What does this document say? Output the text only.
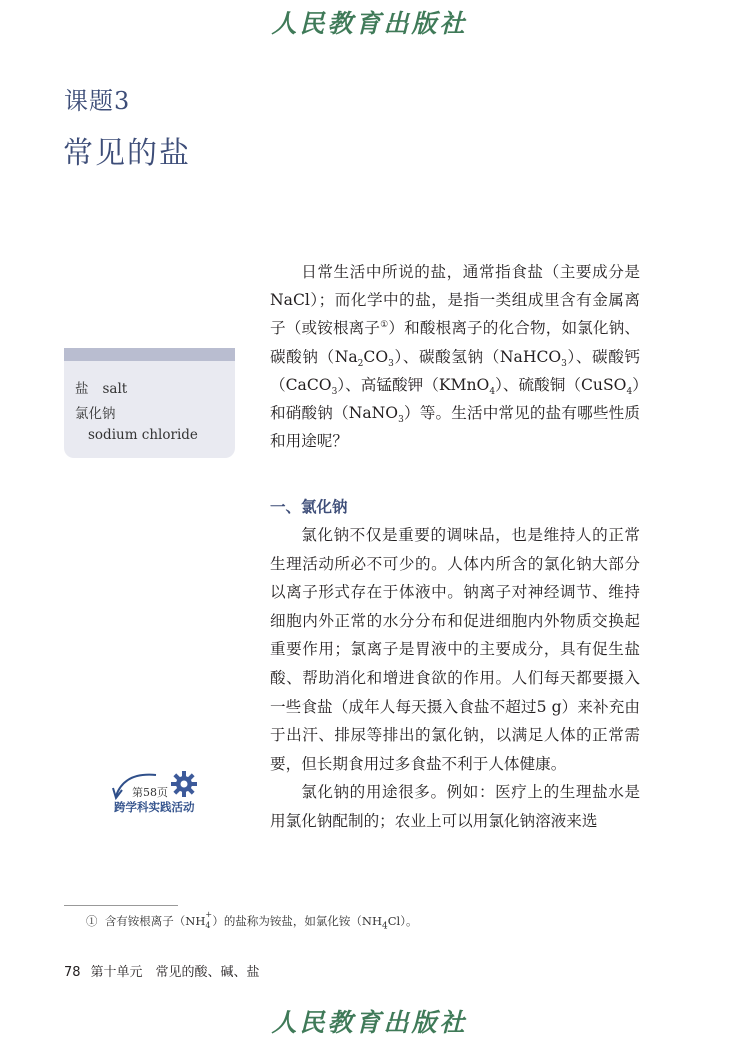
人民教育出版社
课题3
常见的盐
盐 salt
氯化钠
sodium chloride

日常生活中所说的盐，通常指食盐（主要成分是NaCl）；而化学中的盐，是指一类组成里含有金属离子（或铵根离子①）和酸根离子的化合物，如氯化钠、碳酸钠$(Na_2CO_3)$、碳酸氢钠（NaHCO$_3$）、碳酸钙（CaCO$_3$）、高锰酸钾（KMnO$_4$）、硫酸铜（CuSO$_4$）和硝酸钠（NaNO$_3$）等。生活中常见的盐有哪些性质和用途呢？

一、氯化钠

氯化钠不仅是重要的调味品，也是维持人的正常生理活动所必不可少的。人体内所含的氯化钠大部分以离子形式存在于体液中。钠离子对神经调节、维持细胞内外正常的水分分布和促进细胞内外物质交换起重要作用；氯离子是胃液中的主要成分，具有促生盐酸、帮助消化和增进食欲的作用。人们每天都要摄入一些食盐（成年人每天摄入食盐不超过5 g）来补充由于出汗、排尿等排出的氯化钠，以满足人体的正常需要，但长期食用过多食盐不利于人体健康。

氯化钠的用途很多。例如：医疗上的生理盐水是用氯化钠配制的；农业上可以用氯化钠溶液来选

第58页
跨学科实践活动
① 含有铵根离子（NH +
4 ）的盐称为铵盐，如氯化铵$(NH_4Cl)$。
78 第十单元　常见的酸、碱、盐
人民教育出版社
